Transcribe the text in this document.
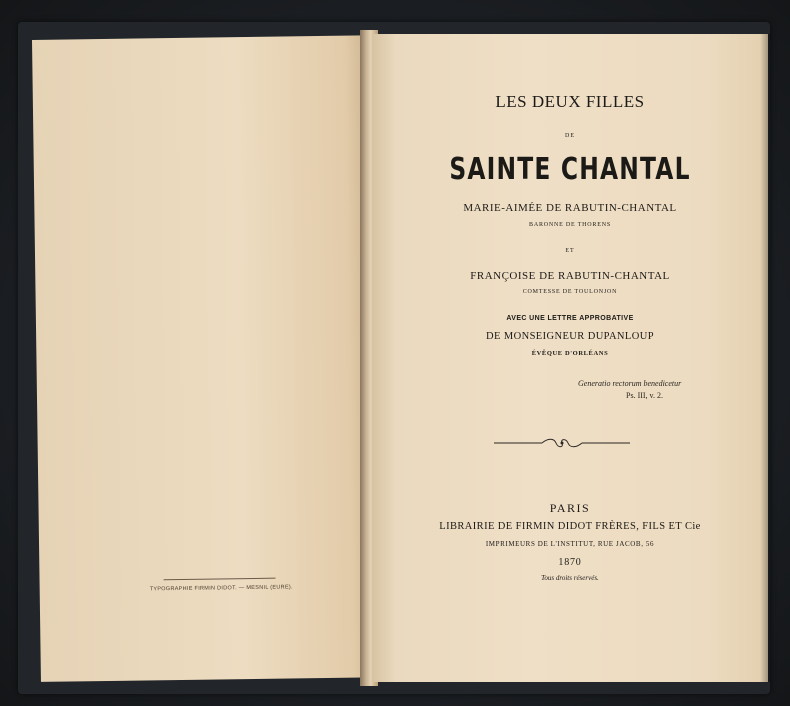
TYPOGRAPHIE FIRMIN DIDOT. — MESNIL (EURE).
LES DEUX FILLES
DE
SAINTE CHANTAL
MARIE-AIMÉE DE RABUTIN-CHANTAL
BARONNE DE THORENS
ET
FRANÇOISE DE RABUTIN-CHANTAL
COMTESSE DE TOULONJON
AVEC UNE LETTRE APPROBATIVE
DE MONSEIGNEUR DUPANLOUP
ÉVÊQUE D'ORLÉANS
Generatio rectorum benedicetur
Ps. III, v. 2.
PARIS
LIBRAIRIE DE FIRMIN DIDOT FRÈRES, FILS ET Cie
IMPRIMEURS DE L'INSTITUT, RUE JACOB, 56
1870
Tous droits réservés.
